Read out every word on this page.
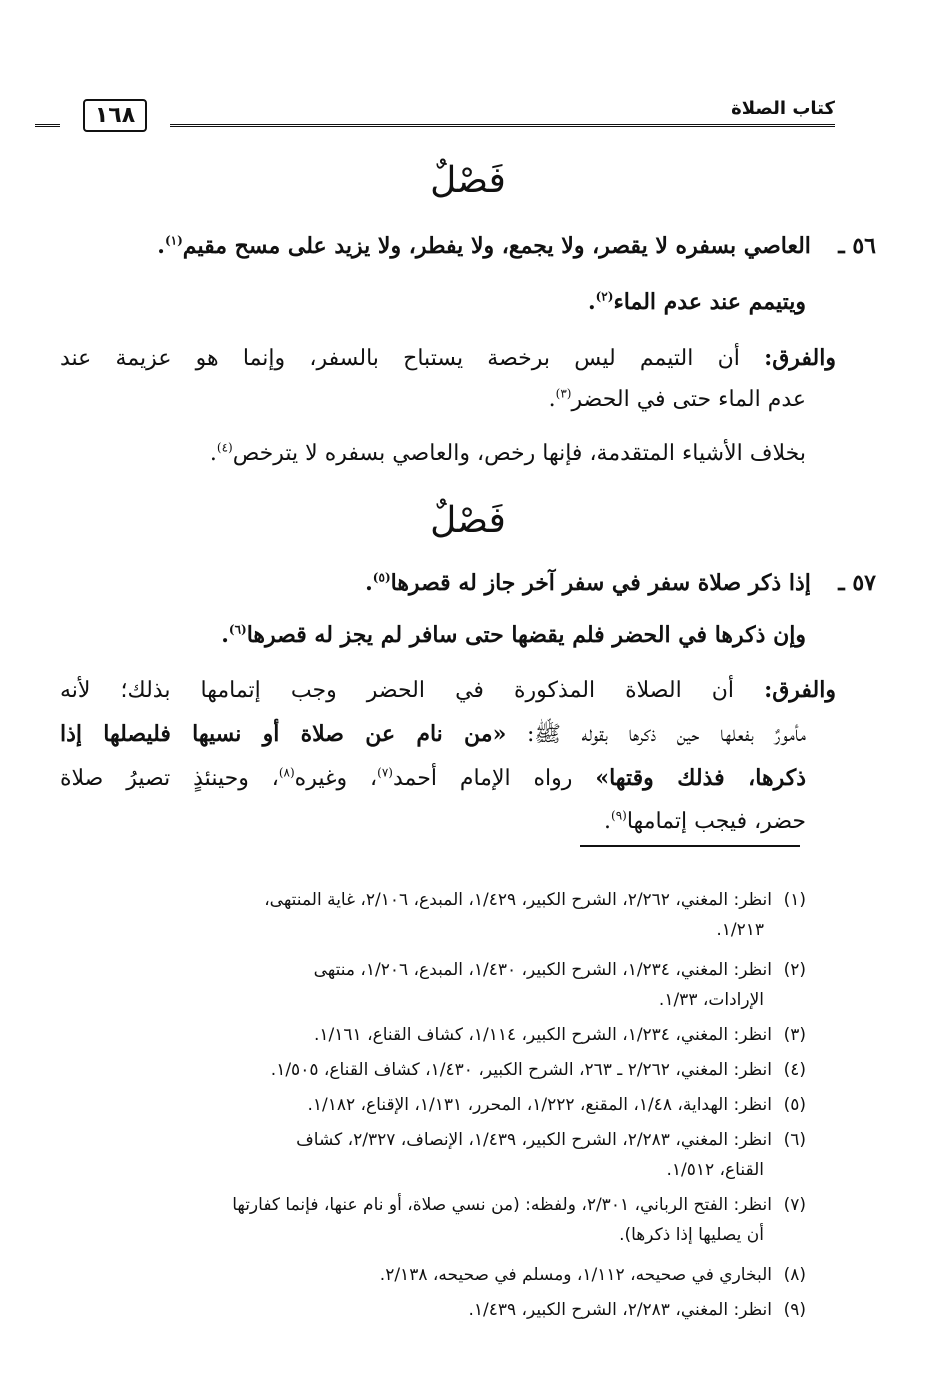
كتاب الصلاة
١٦٨
فَصْلٌ
٥٦ ـ  العاصي بسفره لا يقصر، ولا يجمع، ولا يفطر، ولا يزيد على مسح مقيم$^{(١)}$.
ويتيمم عند عدم الماء$^{(٢)}$.
والفرق: أن التيمم ليس برخصة يستباح بالسفر، وإنما هو عزيمة عند
عدم الماء حتى في الحضر$^{(٣)}$.
بخلاف الأشياء المتقدمة، فإنها رخص، والعاصي بسفره لا يترخص$^{(٤)}$.
فَصْلٌ
٥٧ ـ  إذا ذكر صلاة سفر في سفر آخر جاز له قصرها$^{(٥)}$.
وإن ذكرها في الحضر فلم يقضها حتى سافر لم يجز له قصرها$^{(٦)}$.
والفرق: أن الصلاة المذكورة في الحضر وجب إتمامها بذلك؛ لأنه
مأمورٌ بفعلها حين ذكرها بقوله ﷺ: «من نام عن صلاة أو نسيها فليصلها إذا
ذكرها، فذلك وقتها» رواه الإمام أحمد$^{(٧)}$، وغيره$^{(٨)}$، وحينئذٍ تصيرُ صلاة
حضر، فيجب إتمامها$^{(٩)}$.
(١)انظر: المغني، ٢/٢٦٢، الشرح الكبير، ١/٤٢٩، المبدع، ٢/١٠٦، غاية المنتهى،
١/٢١٣.
(٢)انظر: المغني، ١/٢٣٤، الشرح الكبير، ١/٤٣٠، المبدع، ١/٢٠٦، منتهى
الإرادات، ١/٣٣.
(٣)انظر: المغني، ١/٢٣٤، الشرح الكبير، ١/١١٤، كشاف القناع، ١/١٦١.
(٤)انظر: المغني، ٢/٢٦٢ ـ ٢٦٣، الشرح الكبير، ١/٤٣٠، كشاف القناع، ١/٥٠٥.
(٥)انظر: الهداية، ١/٤٨، المقنع، ١/٢٢٢، المحرر، ١/١٣١، الإقناع، ١/١٨٢.
(٦)انظر: المغني، ٢/٢٨٣، الشرح الكبير، ١/٤٣٩، الإنصاف، ٢/٣٢٧، كشاف
القناع، ١/٥١٢.
(٧)انظر: الفتح الرباني، ٢/٣٠١، ولفظه: (من نسي صلاة، أو نام عنها، فإنما كفارتها
أن يصليها إذا ذكرها).
(٨)البخاري في صحيحه، ١/١١٢، ومسلم في صحيحه، ٢/١٣٨.
(٩)انظر: المغني، ٢/٢٨٣، الشرح الكبير، ١/٤٣٩.
